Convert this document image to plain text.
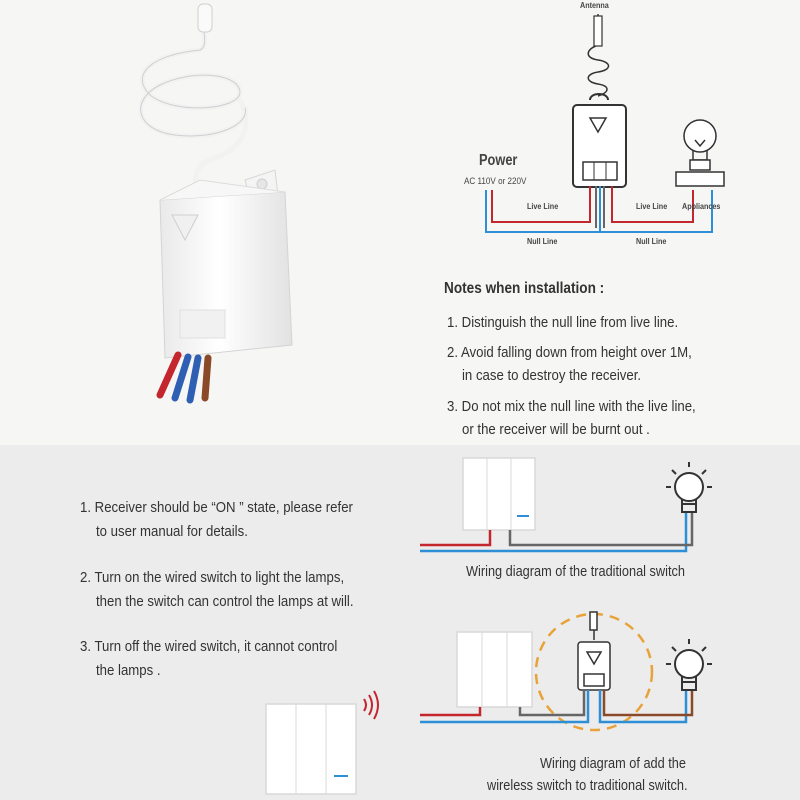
Antenna
Power
AC 110V or 220V
Live Line	Live Line Appliances
Null Line	Null Line
Notes when installation :
1. Distinguish the null line from live line.
2. Avoid falling down from height over 1M,
in case to destroy the receiver.
3. Do not mix the null line with the live line,
or the receiver will be burnt out .
1. Receiver should be “ON ” state, please refer
to user manual for details.
2. Turn on the wired switch to light the lamps,
then the switch can control the lamps at will.
3. Turn off the wired switch, it cannot control
the lamps .
Wiring diagram of the traditional switch
Wiring diagram of add the
wireless switch to traditional switch.
